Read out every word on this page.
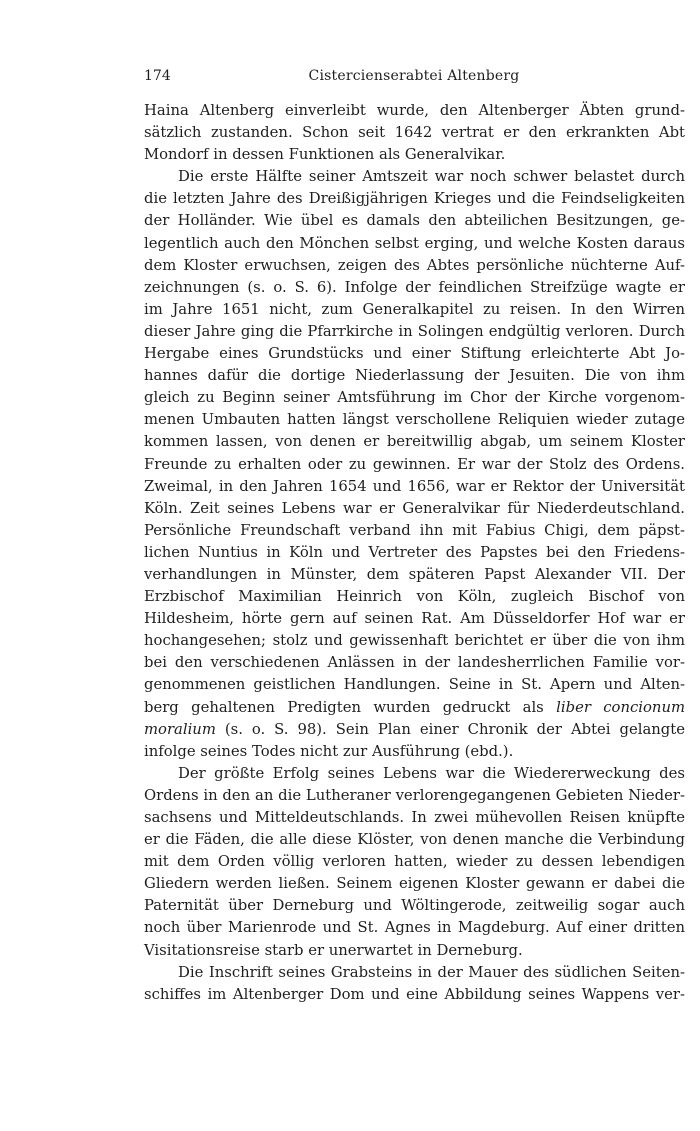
174	Cistercienserabtei Altenberg
Haina Altenberg einverleibt wurde, den Altenberger Äbten grund-
sätzlich zustanden. Schon seit 1642 vertrat er den erkrankten Abt
Mondorf in dessen Funktionen als Generalvikar.
Die erste Hälfte seiner Amtszeit war noch schwer belastet durch
die letzten Jahre des Dreißigjährigen Krieges und die Feindseligkeiten
der Holländer. Wie übel es damals den abteilichen Besitzungen, ge-
legentlich auch den Mönchen selbst erging, und welche Kosten daraus
dem Kloster erwuchsen, zeigen des Abtes persönliche nüchterne Auf-
zeichnungen (s. o. S. 6). Infolge der feindlichen Streifzüge wagte er
im Jahre 1651 nicht, zum Generalkapitel zu reisen. In den Wirren
dieser Jahre ging die Pfarrkirche in Solingen endgültig verloren. Durch
Hergabe eines Grundstücks und einer Stiftung erleichterte Abt Jo-
hannes dafür die dortige Niederlassung der Jesuiten. Die von ihm
gleich zu Beginn seiner Amtsführung im Chor der Kirche vorgenom-
menen Umbauten hatten längst verschollene Reliquien wieder zutage
kommen lassen, von denen er bereitwillig abgab, um seinem Kloster
Freunde zu erhalten oder zu gewinnen. Er war der Stolz des Ordens.
Zweimal, in den Jahren 1654 und 1656, war er Rektor der Universität
Köln. Zeit seines Lebens war er Generalvikar für Niederdeutschland.
Persönliche Freundschaft verband ihn mit Fabius Chigi, dem päpst-
lichen Nuntius in Köln und Vertreter des Papstes bei den Friedens-
verhandlungen in Münster, dem späteren Papst Alexander VII. Der
Erzbischof Maximilian Heinrich von Köln, zugleich Bischof von
Hildesheim, hörte gern auf seinen Rat. Am Düsseldorfer Hof war er
hochangesehen; stolz und gewissenhaft berichtet er über die von ihm
bei den verschiedenen Anlässen in der landesherrlichen Familie vor-
genommenen geistlichen Handlungen. Seine in St. Apern und Alten-
berg gehaltenen Predigten wurden gedruckt als liber concionum
moralium (s. o. S. 98). Sein Plan einer Chronik der Abtei gelangte
infolge seines Todes nicht zur Ausführung (ebd.).
Der größte Erfolg seines Lebens war die Wiedererweckung des
Ordens in den an die Lutheraner verlorengegangenen Gebieten Nieder-
sachsens und Mitteldeutschlands. In zwei mühevollen Reisen knüpfte
er die Fäden, die alle diese Klöster, von denen manche die Verbindung
mit dem Orden völlig verloren hatten, wieder zu dessen lebendigen
Gliedern werden ließen. Seinem eigenen Kloster gewann er dabei die
Paternität über Derneburg und Wöltingerode, zeitweilig sogar auch
noch über Marienrode und St. Agnes in Magdeburg. Auf einer dritten
Visitationsreise starb er unerwartet in Derneburg.
Die Inschrift seines Grabsteins in der Mauer des südlichen Seiten-
schiffes im Altenberger Dom und eine Abbildung seines Wappens ver-
